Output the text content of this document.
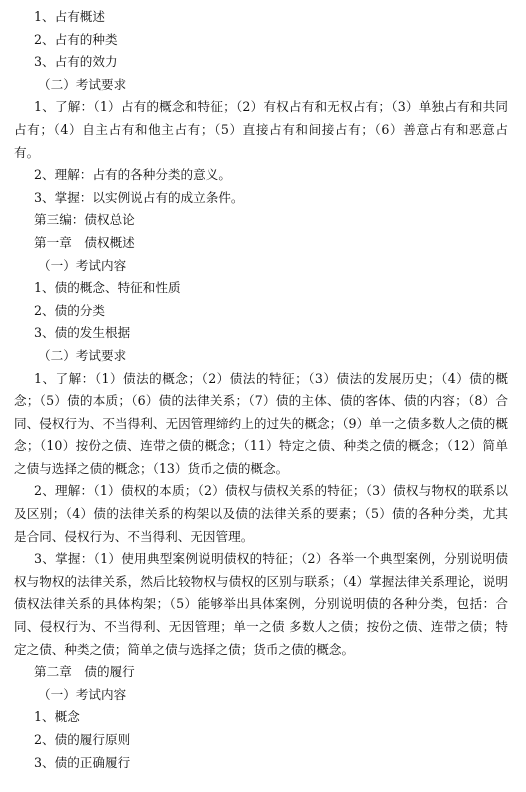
1、占有概述
2、占有的种类
3、占有的效力
（二）考试要求
1、了解：（1）占有的概念和特征；（2）有权占有和无权占有；（3）单独占有和共同占有；（4）自主占有和他主占有；（5）直接占有和间接占有；（6）善意占有和恶意占有。
2、理解：占有的各种分类的意义。
3、掌握：以实例说占有的成立条件。
第三编：债权总论
第一章　债权概述
（一）考试内容
1、债的概念、特征和性质
2、债的分类
3、债的发生根据
（二）考试要求
1、了解：（1）债法的概念；（2）债法的特征；（3）债法的发展历史；（4）债的概念；（5）债的本质；（6）债的法律关系；（7）债的主体、债的客体、债的内容；（8）合同、侵权行为、不当得利、无因管理缔约上的过失的概念；（9）单一之债多数人之债的概念；（10）按份之债、连带之债的概念；（11）特定之债、种类之债的概念；（12）简单之债与选择之债的概念；（13）货币之债的概念。
2、理解：（1）债权的本质；（2）债权与债权关系的特征；（3）债权与物权的联系以及区别；（4）债的法律关系的构架以及债的法律关系的要素；（5）债的各种分类，尤其是合同、侵权行为、不当得利、无因管理。
3、掌握：（1）使用典型案例说明债权的特征；（2）各举一个典型案例，分别说明债权与物权的法律关系，然后比较物权与债权的区别与联系；（4）掌握法律关系理论，说明债权法律关系的具体构架；（5）能够举出具体案例，分别说明债的各种分类，包括：合同、侵权行为、不当得利、无因管理；单一之债 多数人之债；按份之债、连带之债；特定之债、种类之债；简单之债与选择之债；货币之债的概念。
第二章　债的履行
（一）考试内容
1、概念
2、债的履行原则
3、债的正确履行
